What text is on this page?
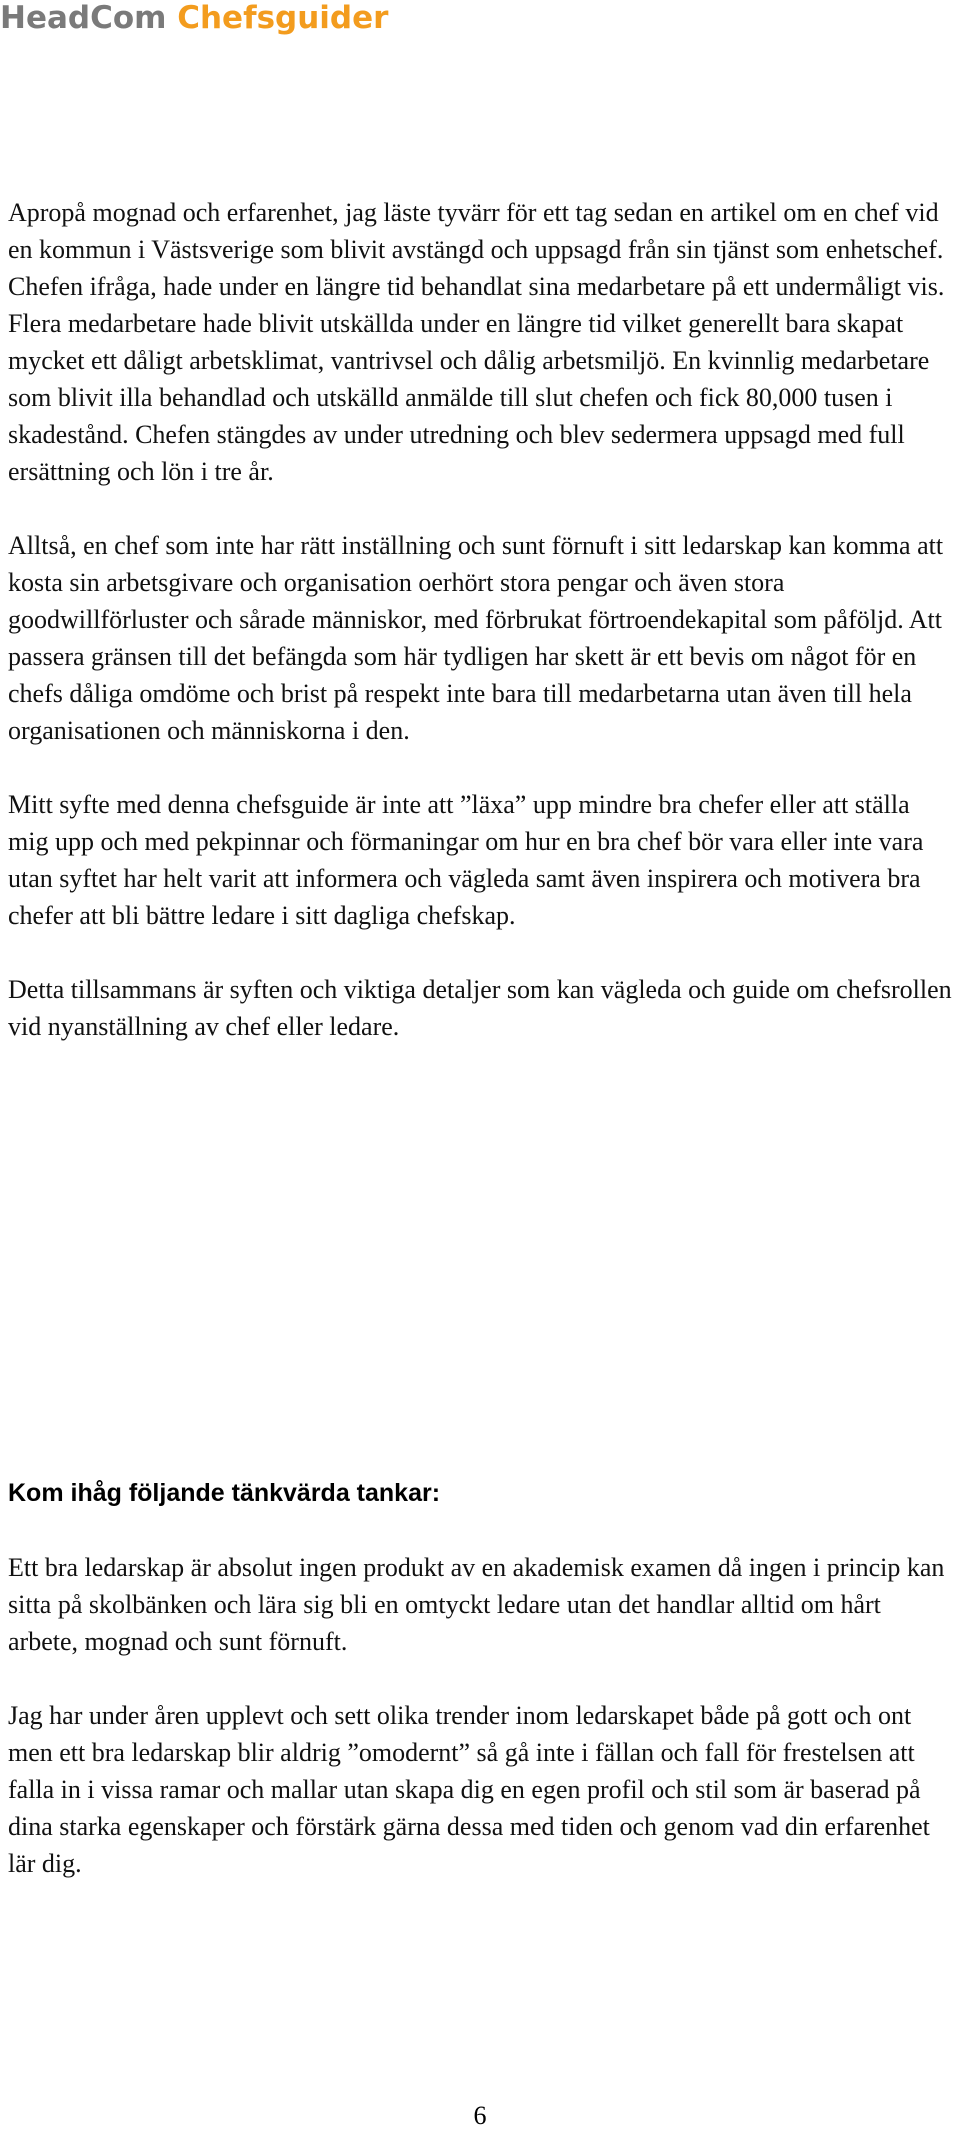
HeadCom Chefsguider

Apropå mognad och erfarenhet, jag läste tyvärr för ett tag sedan en artikel om en chef vid en kommun i Västsverige som blivit avstängd och uppsagd från sin tjänst som enhetschef. Chefen ifråga, hade under en längre tid behandlat sina medarbetare på ett undermåligt vis. Flera medarbetare hade blivit utskällda under en längre tid vilket generellt bara skapat mycket ett dåligt arbetsklimat, vantrivsel och dålig arbetsmiljö. En kvinnlig medarbetare som blivit illa behandlad och utskälld anmälde till slut chefen och fick 80,000 tusen i skadestånd. Chefen stängdes av under utredning och blev sedermera uppsagd med full ersättning och lön i tre år.

Alltså, en chef som inte har rätt inställning och sunt förnuft i sitt ledarskap kan komma att kosta sin arbetsgivare och organisation oerhört stora pengar och även stora goodwillförluster och sårade människor, med förbrukat förtroendekapital som påföljd. Att passera gränsen till det befängda som här tydligen har skett är ett bevis om något för en chefs dåliga omdöme och brist på respekt inte bara till medarbetarna utan även till hela organisationen och människorna i den.

Mitt syfte med denna chefsguide är inte att ”läxa” upp mindre bra chefer eller att ställa mig upp och med pekpinnar och förmaningar om hur en bra chef bör vara eller inte vara utan syftet har helt varit att informera och vägleda samt även inspirera och motivera bra chefer att bli bättre ledare i sitt dagliga chefskap.

Detta tillsammans är syften och viktiga detaljer som kan vägleda och guide om chefsrollen vid nyanställning av chef eller ledare.

Kom ihåg följande tänkvärda tankar:

Ett bra ledarskap är absolut ingen produkt av en akademisk examen då ingen i princip kan sitta på skolbänken och lära sig bli en omtyckt ledare utan det handlar alltid om hårt arbete, mognad och sunt förnuft.

Jag har under åren upplevt och sett olika trender inom ledarskapet både på gott och ont men ett bra ledarskap blir aldrig ”omodernt” så gå inte i fällan och fall för frestelsen att falla in i vissa ramar och mallar utan skapa dig en egen profil och stil som är baserad på dina starka egenskaper och förstärk gärna dessa med tiden och genom vad din erfarenhet lär dig.

6
